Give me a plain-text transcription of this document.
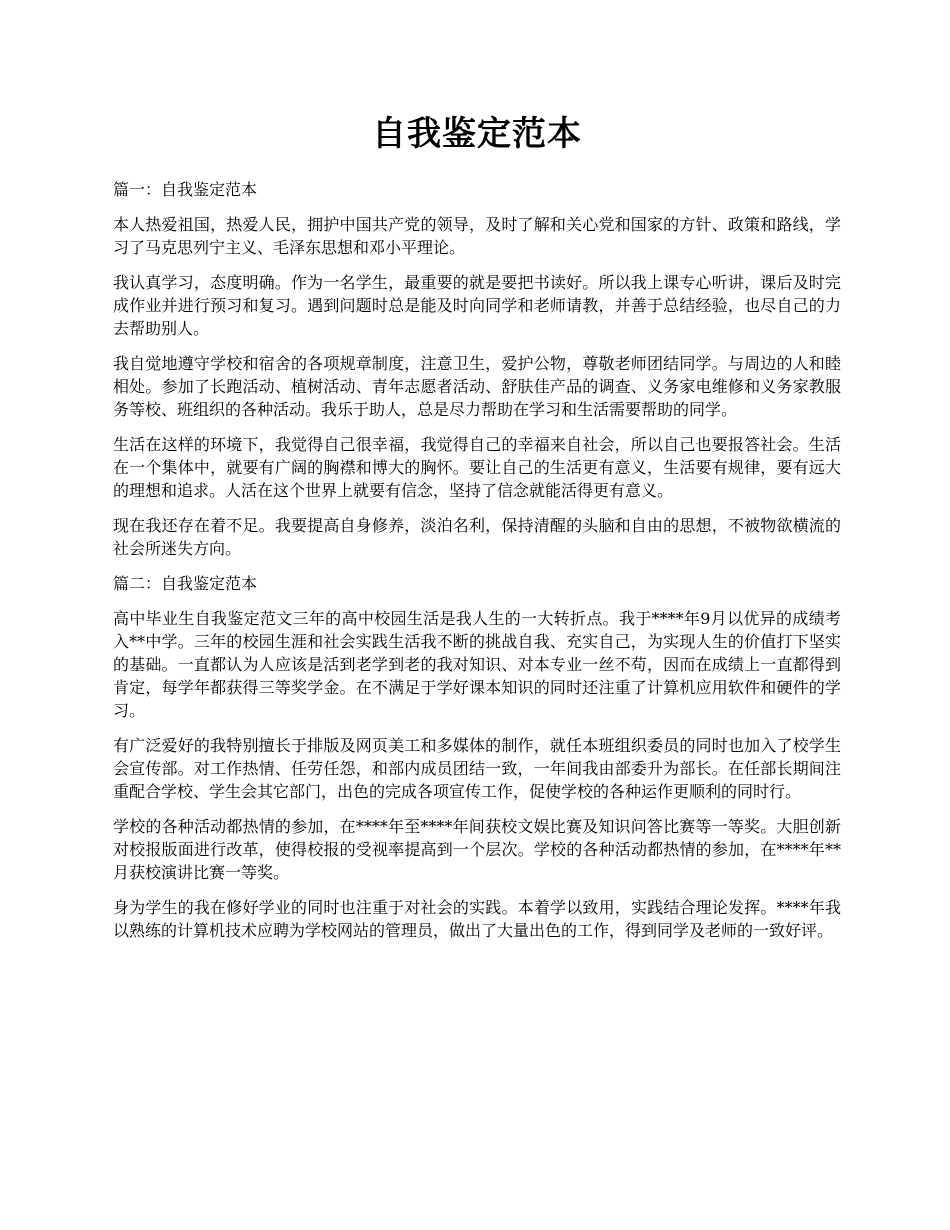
自我鉴定范本

篇一：自我鉴定范本

本人热爱祖国，热爱人民，拥护中国共产党的领导，及时了解和关心党和国家的方针、政策和路线，学习了马克思列宁主义、毛泽东思想和邓小平理论。

我认真学习，态度明确。作为一名学生，最重要的就是要把书读好。所以我上课专心听讲，课后及时完成作业并进行预习和复习。遇到问题时总是能及时向同学和老师请教，并善于总结经验，也尽自己的力去帮助别人。

我自觉地遵守学校和宿舍的各项规章制度，注意卫生，爱护公物，尊敬老师团结同学。与周边的人和睦相处。参加了长跑活动、植树活动、青年志愿者活动、舒肤佳产品的调查、义务家电维修和义务家教服务等校、班组织的各种活动。我乐于助人，总是尽力帮助在学习和生活需要帮助的同学。

生活在这样的环境下，我觉得自己很幸福，我觉得自己的幸福来自社会，所以自己也要报答社会。生活在一个集体中，就要有广阔的胸襟和博大的胸怀。要让自己的生活更有意义，生活要有规律，要有远大的理想和追求。人活在这个世界上就要有信念，坚持了信念就能活得更有意义。

现在我还存在着不足。我要提高自身修养，淡泊名利，保持清醒的头脑和自由的思想，不被物欲横流的社会所迷失方向。

篇二：自我鉴定范本

高中毕业生自我鉴定范文三年的高中校园生活是我人生的一大转折点。我于****年9月以优异的成绩考入**中学。三年的校园生涯和社会实践生活我不断的挑战自我、充实自己，为实现人生的价值打下坚实的基础。一直都认为人应该是活到老学到老的我对知识、对本专业一丝不苟，因而在成绩上一直都得到肯定，每学年都获得三等奖学金。在不满足于学好课本知识的同时还注重了计算机应用软件和硬件的学习。

有广泛爱好的我特别擅长于排版及网页美工和多媒体的制作，就任本班组织委员的同时也加入了校学生会宣传部。对工作热情、任劳任怨，和部内成员团结一致，一年间我由部委升为部长。在任部长期间注重配合学校、学生会其它部门，出色的完成各项宣传工作，促使学校的各种运作更顺利的同时行。

学校的各种活动都热情的参加，在****年至****年间获校文娱比赛及知识问答比赛等一等奖。大胆创新对校报版面进行改革，使得校报的受视率提高到一个层次。学校的各种活动都热情的参加，在****年**月获校演讲比赛一等奖。

身为学生的我在修好学业的同时也注重于对社会的实践。本着学以致用，实践结合理论发挥。****年我以熟练的计算机技术应聘为学校网站的管理员，做出了大量出色的工作，得到同学及老师的一致好评。
